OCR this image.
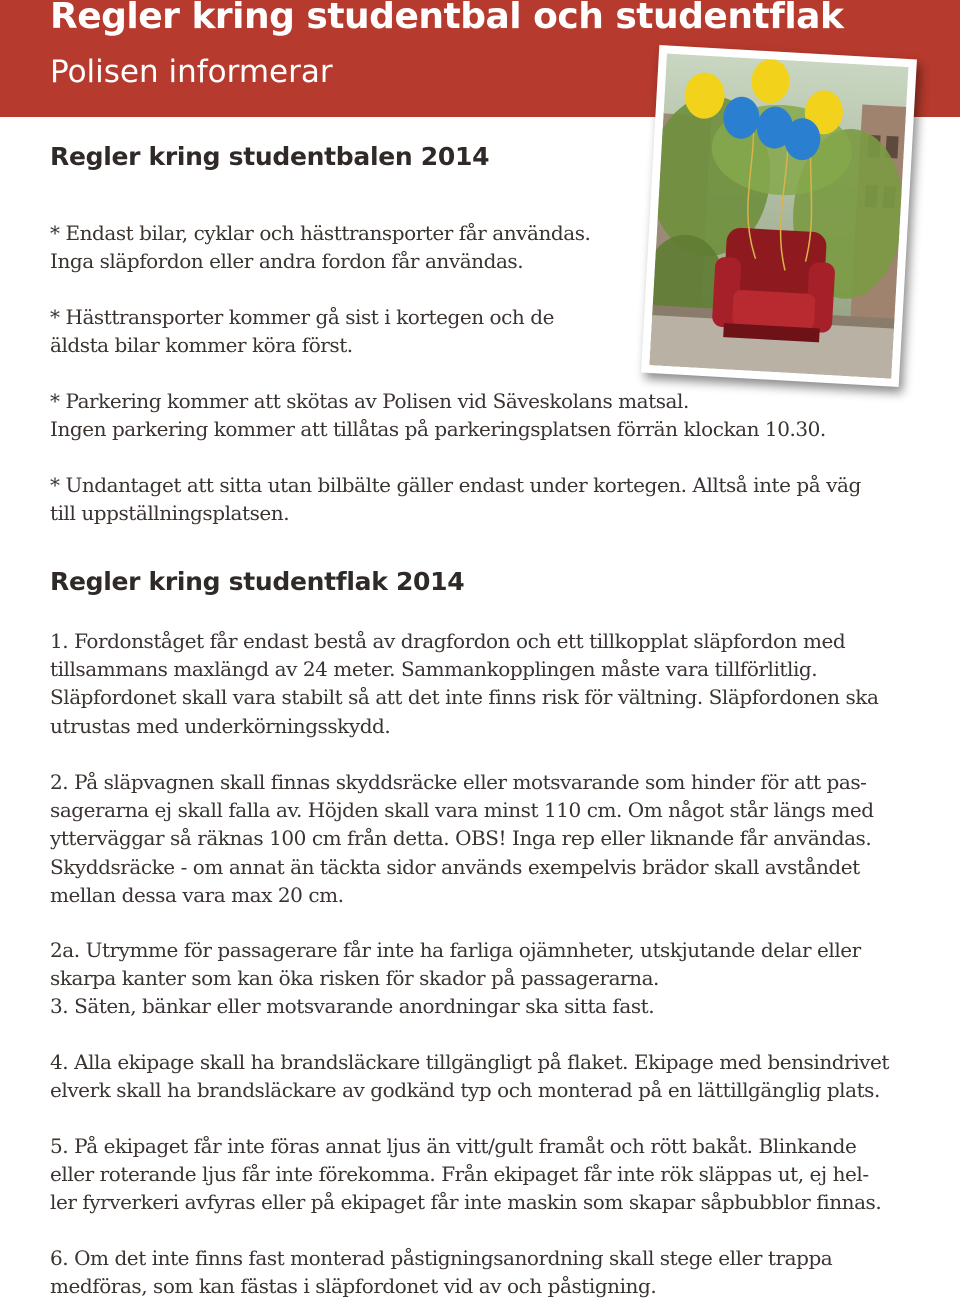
Regler kring studentbal och studentflak
Polisen informerar
Regler kring studentbalen 2014
* Endast bilar, cyklar och hästtransporter får användas.
Inga släpfordon eller andra fordon får användas.
* Hästtransporter kommer gå sist i kortegen och de
äldsta bilar kommer köra först.
* Parkering kommer att skötas av Polisen vid Säveskolans matsal.
Ingen parkering kommer att tillåtas på parkeringsplatsen förrän klockan 10.30.
* Undantaget att sitta utan bilbälte gäller endast under kortegen. Alltså inte på väg
till uppställningsplatsen.
Regler kring studentflak 2014
1. Fordonståget får endast bestå av dragfordon och ett tillkopplat släpfordon med
tillsammans maxlängd av 24 meter. Sammankopplingen måste vara tillförlitlig.
Släpfordonet skall vara stabilt så att det inte finns risk för vältning. Släpfordonen ska
utrustas med underkörningsskydd.
2. På släpvagnen skall finnas skyddsräcke eller motsvarande som hinder för att pas-
sagerarna ej skall falla av. Höjden skall vara minst 110 cm. Om något står längs med
ytterväggar så räknas 100 cm från detta. OBS! Inga rep eller liknande får användas.
Skyddsräcke - om annat än täckta sidor används exempelvis brädor skall avståndet
mellan dessa vara max 20 cm.
2a. Utrymme för passagerare får inte ha farliga ojämnheter, utskjutande delar eller
skarpa kanter som kan öka risken för skador på passagerarna.
3. Säten, bänkar eller motsvarande anordningar ska sitta fast.
4. Alla ekipage skall ha brandsläckare tillgängligt på flaket. Ekipage med bensindrivet
elverk skall ha brandsläckare av godkänd typ och monterad på en lättillgänglig plats.
5. På ekipaget får inte föras annat ljus än vitt/gult framåt och rött bakåt. Blinkande
eller roterande ljus får inte förekomma. Från ekipaget får inte rök släppas ut, ej hel-
ler fyrverkeri avfyras eller på ekipaget får inte maskin som skapar såpbubblor finnas.
6. Om det inte finns fast monterad påstigningsanordning skall stege eller trappa
medföras, som kan fästas i släpfordonet vid av och påstigning.
